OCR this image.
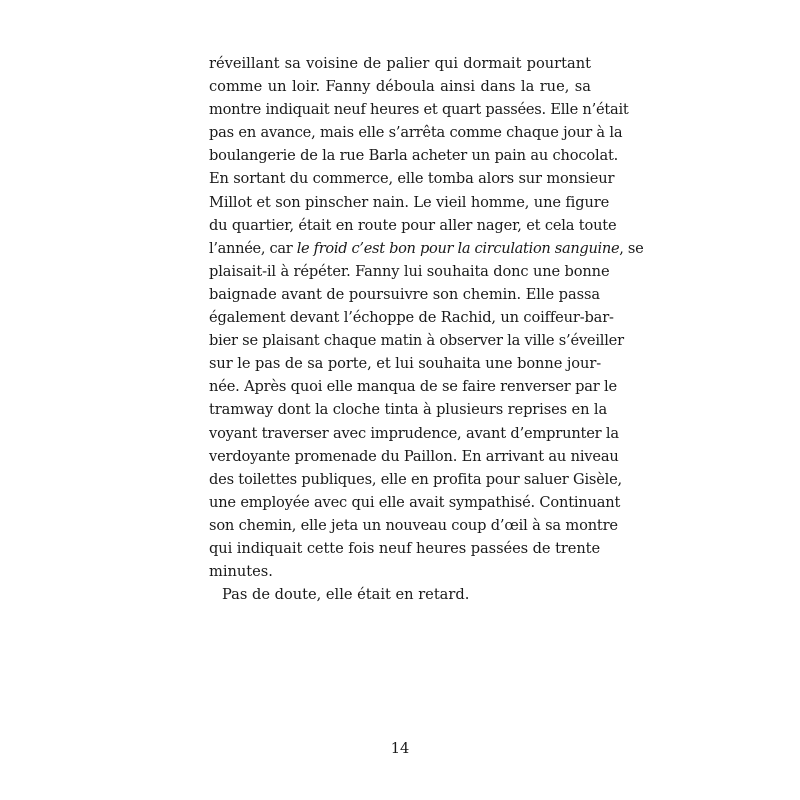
réveillant sa voisine de palier qui dormait pourtant
comme un loir. Fanny déboula ainsi dans la rue, sa
montre indiquait neuf heures et quart passées. Elle n’était
pas en avance, mais elle s’arrêta comme chaque jour à la
boulangerie de la rue Barla acheter un pain au chocolat.
En sortant du commerce, elle tomba alors sur monsieur
Millot et son pinscher nain. Le vieil homme, une figure
du quartier, était en route pour aller nager, et cela toute
l’année, car le froid c’est bon pour la circulation sanguine, se
plaisait-il à répéter. Fanny lui souhaita donc une bonne
baignade avant de poursuivre son chemin. Elle passa
également devant l’échoppe de Rachid, un coiffeur-bar-
bier se plaisant chaque matin à observer la ville s’éveiller
sur le pas de sa porte, et lui souhaita une bonne jour-
née. Après quoi elle manqua de se faire renverser par le
tramway dont la cloche tinta à plusieurs reprises en la
voyant traverser avec imprudence, avant d’emprunter la
verdoyante promenade du Paillon. En arrivant au niveau
des toilettes publiques, elle en profita pour saluer Gisèle,
une employée avec qui elle avait sympathisé. Continuant
son chemin, elle jeta un nouveau coup d’œil à sa montre
qui indiquait cette fois neuf heures passées de trente
minutes.
Pas de doute, elle était en retard.
14
